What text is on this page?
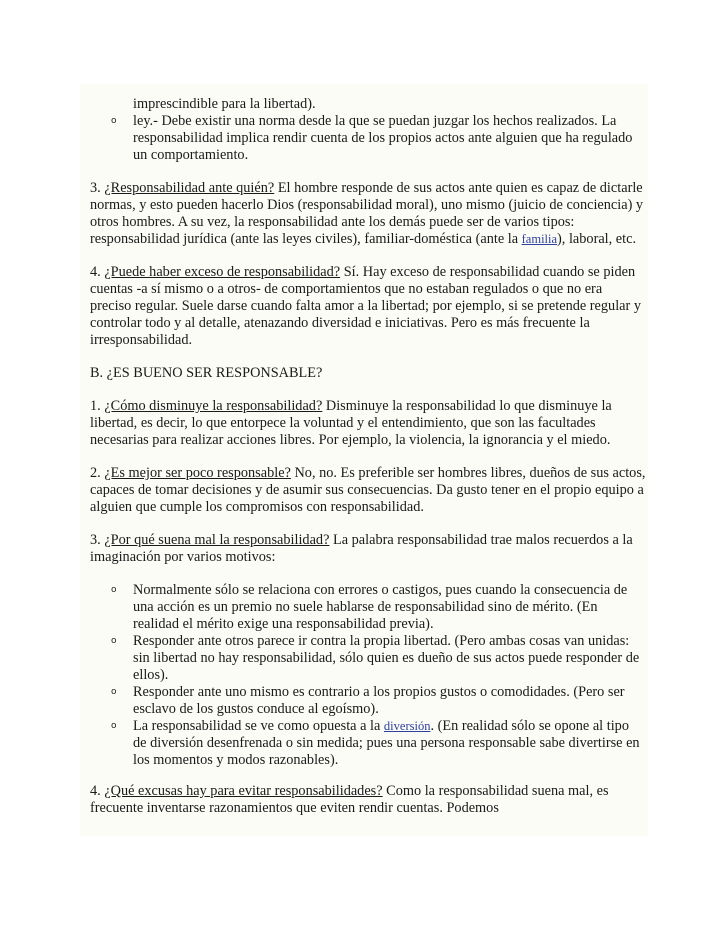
imprescindible para la libertad).

o ley.- Debe existir una norma desde la que se puedan juzgar los hechos realizados. La responsabilidad implica rendir cuenta de los propios actos ante alguien que ha regulado un comportamiento.

3. ¿Responsabilidad ante quién? El hombre responde de sus actos ante quien es capaz de dictarle normas, y esto pueden hacerlo Dios (responsabilidad moral), uno mismo (juicio de conciencia) y otros hombres. A su vez, la responsabilidad ante los demás puede ser de varios tipos: responsabilidad jurídica (ante las leyes civiles), familiar-doméstica (ante la familia), laboral, etc.

4. ¿Puede haber exceso de responsabilidad? Sí. Hay exceso de responsabilidad cuando se piden cuentas -a sí mismo o a otros- de comportamientos que no estaban regulados o que no era preciso regular. Suele darse cuando falta amor a la libertad; por ejemplo, si se pretende regular y controlar todo y al detalle, atenazando diversidad e iniciativas. Pero es más frecuente la irresponsabilidad.

B. ¿ES BUENO SER RESPONSABLE?

1. ¿Cómo disminuye la responsabilidad? Disminuye la responsabilidad lo que disminuye la libertad, es decir, lo que entorpece la voluntad y el entendimiento, que son las facultades necesarias para realizar acciones libres. Por ejemplo, la violencia, la ignorancia y el miedo.

2. ¿Es mejor ser poco responsable? No, no. Es preferible ser hombres libres, dueños de sus actos, capaces de tomar decisiones y de asumir sus consecuencias. Da gusto tener en el propio equipo a alguien que cumple los compromisos con responsabilidad.

3. ¿Por qué suena mal la responsabilidad? La palabra responsabilidad trae malos recuerdos a la imaginación por varios motivos:

o Normalmente sólo se relaciona con errores o castigos, pues cuando la consecuencia de una acción es un premio no suele hablarse de responsabilidad sino de mérito. (En realidad el mérito exige una responsabilidad previa).

o Responder ante otros parece ir contra la propia libertad. (Pero ambas cosas van unidas: sin libertad no hay responsabilidad, sólo quien es dueño de sus actos puede responder de ellos).

o Responder ante uno mismo es contrario a los propios gustos o comodidades. (Pero ser esclavo de los gustos conduce al egoísmo).

o La responsabilidad se ve como opuesta a la diversión. (En realidad sólo se opone al tipo de diversión desenfrenada o sin medida; pues una persona responsable sabe divertirse en los momentos y modos razonables).

4. ¿Qué excusas hay para evitar responsabilidades? Como la responsabilidad suena mal, es frecuente inventarse razonamientos que eviten rendir cuentas. Podemos
